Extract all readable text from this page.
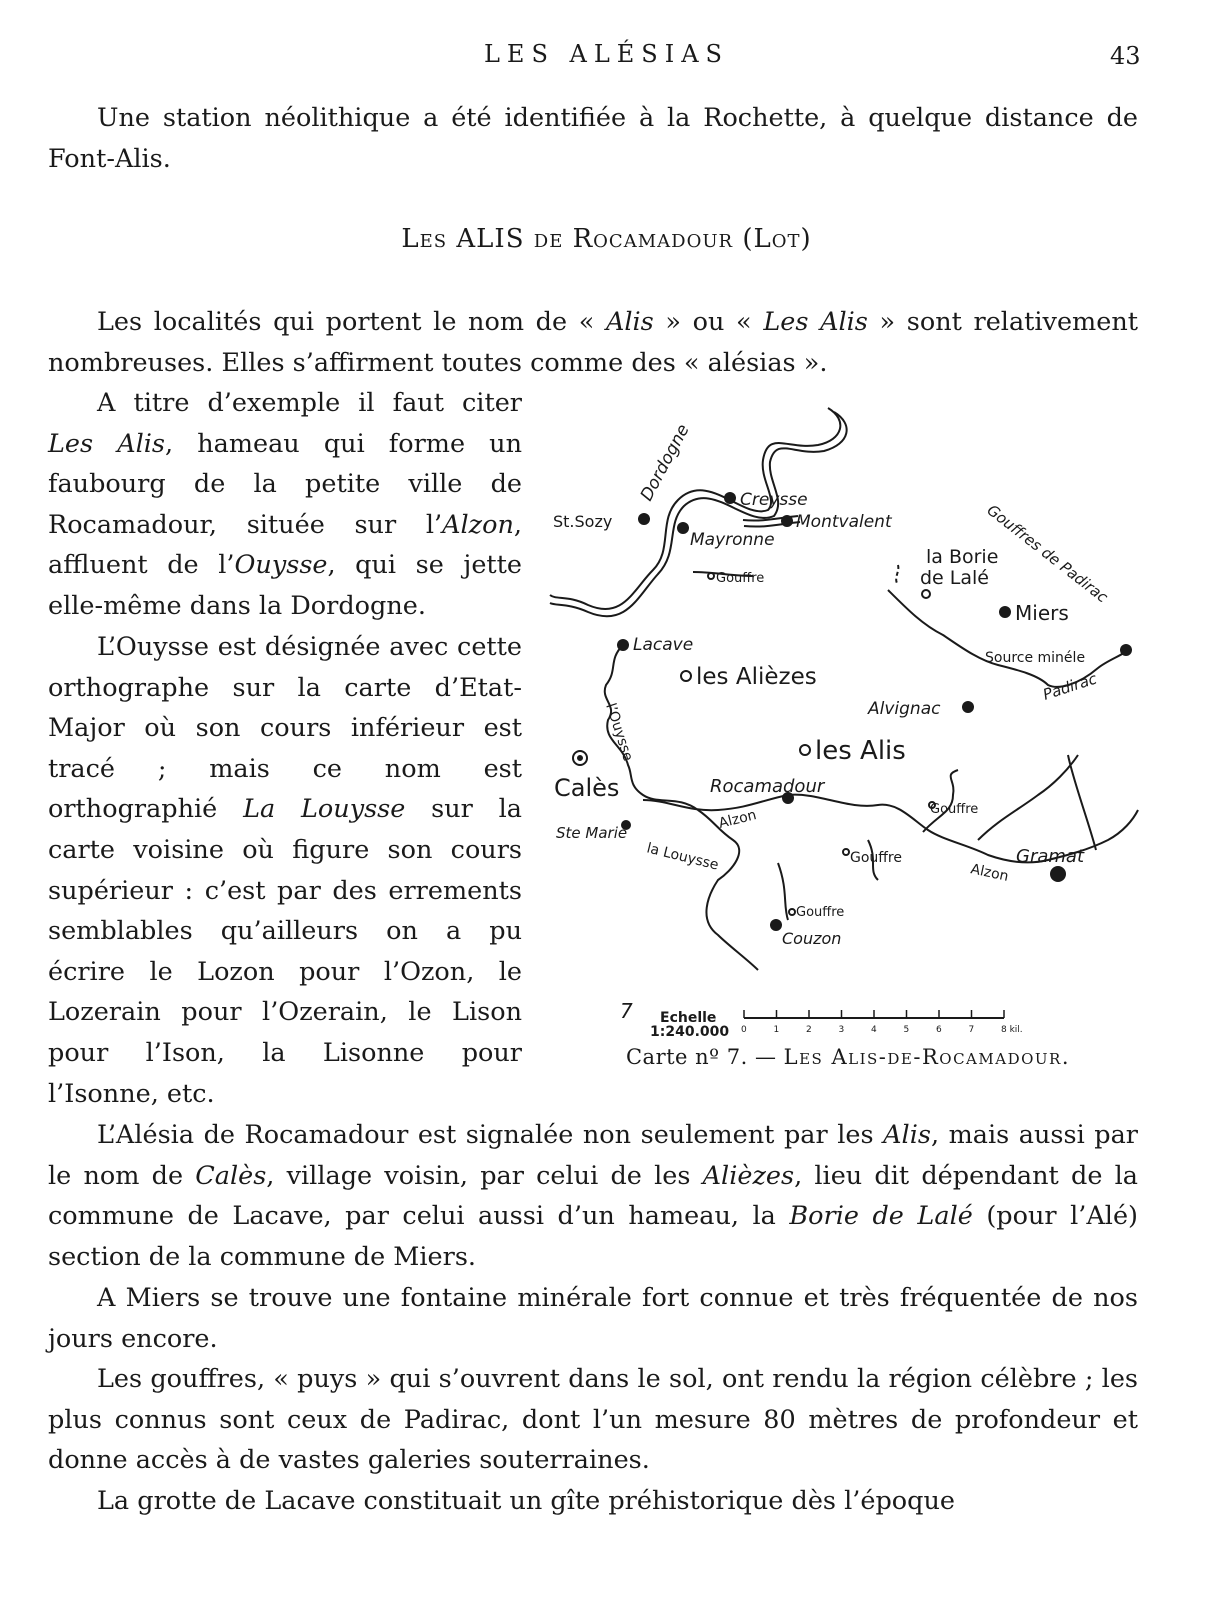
LES ALÉSIAS	43
Une station néolithique a été identifiée à la Rochette, à quelque distance de Font-Alis.
Les ALIS de Rocamadour (Lot)
Les localités qui portent le nom de « Alis » ou « Les Alis » sont relativement nombreuses. Elles s’affirment toutes comme des « alésias ».
A titre d’exemple il faut citer Les Alis, hameau qui forme un faubourg de la petite ville de Rocamadour, située sur l’Alzon, affluent de l’Ouysse, qui se jette elle-même dans la Dordogne.
L’Ouysse est désignée avec cette orthographe sur la carte d’Etat-Major où son cours inférieur est tracé ; mais ce nom est orthographié La Louysse sur la carte voisine où figure son cours supérieur : c’est par des errements semblables qu’ailleurs on a pu écrire le Lozon pour l’Ozon, le Lozerain pour l’Ozerain, le Lison pour l’Ison, la Lisonne pour l’Isonne, etc.
Dordogne	Creysse
St.Sozy	Montvalent
Mayronne
Gouffre	Gouffres de Padirac
la Borie
de Lalé
Miers
Lacave
les Alièzes
Source minéle
Padirac
Alvignac
l’Ouysse	les Alis
Calès	Rocamadour
Alzon	Gouffre
Ste Marie
la Louysse	Gouffre	Gramat
Alzon
Gouffre
Couzon
7 Echelle
1:240.000 0	1	2	3	4	5	6	7	8 kil.
Carte nº 7. — Les Alis-de-Rocamadour.
L’Alésia de Rocamadour est signalée non seulement par les Alis, mais aussi par le nom de Calès, village voisin, par celui de les Alièzes, lieu dit dépendant de la commune de Lacave, par celui aussi d’un hameau, la Borie de Lalé (pour l’Alé) section de la commune de Miers.
A Miers se trouve une fontaine minérale fort connue et très fréquentée de nos jours encore.
Les gouffres, « puys » qui s’ouvrent dans le sol, ont rendu la région célèbre ; les plus connus sont ceux de Padirac, dont l’un mesure 80 mètres de profondeur et donne accès à de vastes galeries souterraines.
La grotte de Lacave constituait un gîte préhistorique dès l’époque
